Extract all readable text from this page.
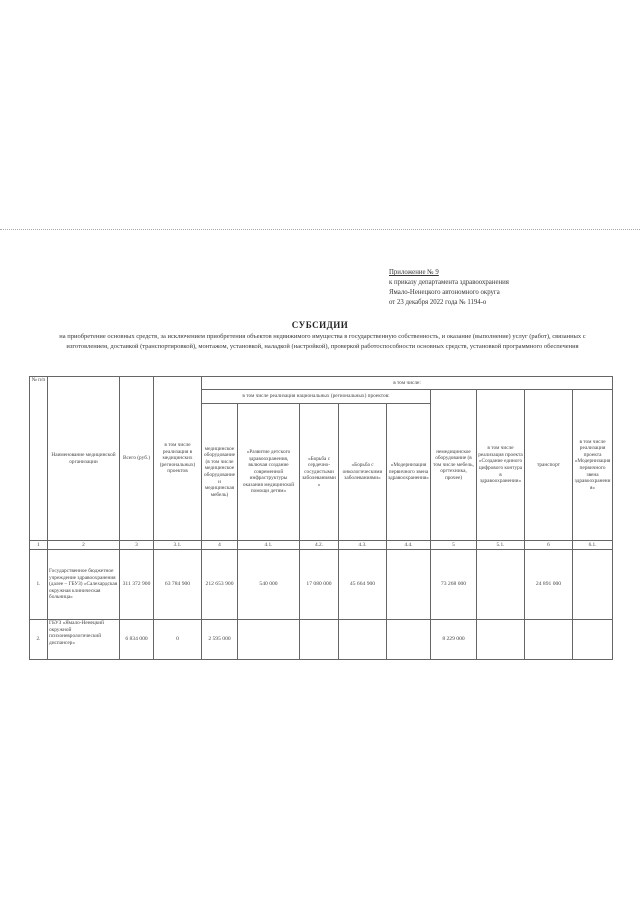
Приложение № 9
к приказу департамента здравоохранения
Ямало-Ненецкого автономного округа
от 23 декабря 2022 года № 1194-о
СУБСИДИИ
на приобретение основных средств, за исключением приобретения объектов недвижимого имущества в государственную собственность, и оказание (выполнение) услуг (работ), связанных с изготовлением, доставкой (транспортировкой), монтажом, установкой, наладкой (настройкой), проверкой работоспособности основных средств, установкой программного обеспечения
№ п/п	Наименование медицинской организации	Всего (руб.)	в том числе реализация в медицинских (региональных) проектов	в том числе:								
				в том числе реализация национальных (региональных) проектов:					немедицинское оборудование (в том числе мебель, оргтехника, прочее)	в том числе реализация проекта «Создание единого цифрового контура в здравоохранении»	транспорт	в том числе реализация проекта «Модернизация первичного звена здравоохранения»
				медицинское оборудование (в том числе медицинское оборудование и медицинская мебель)	«Развитие детского здравоохранения, включая создание современной инфраструктуры оказания медицинской помощи детям»	«Борьба с сердечно-сосудистыми заболеваниями»	«Борьба с онкологическими заболеваниями»	«Модернизация первичного звена здравоохранения»				
1	2	3	3.1.	4	4.1.	4.2.	4.3.	4.4.	5	5.1.	6	6.1.
1.	Государственное бюджетное учреждение здравоохранения (далее – ГБУЗ) «Салехардская окружная клиническая больница»	311 372 900	63 784 900	212 653 900	540 000	17 080 000	45 664 900		73 268 000		24 891 000	
2.	ГБУЗ «Ямало-Ненецкий окружной психоневрологический диспансер»	6 834 000	0	2 595 000					8 229 000			
